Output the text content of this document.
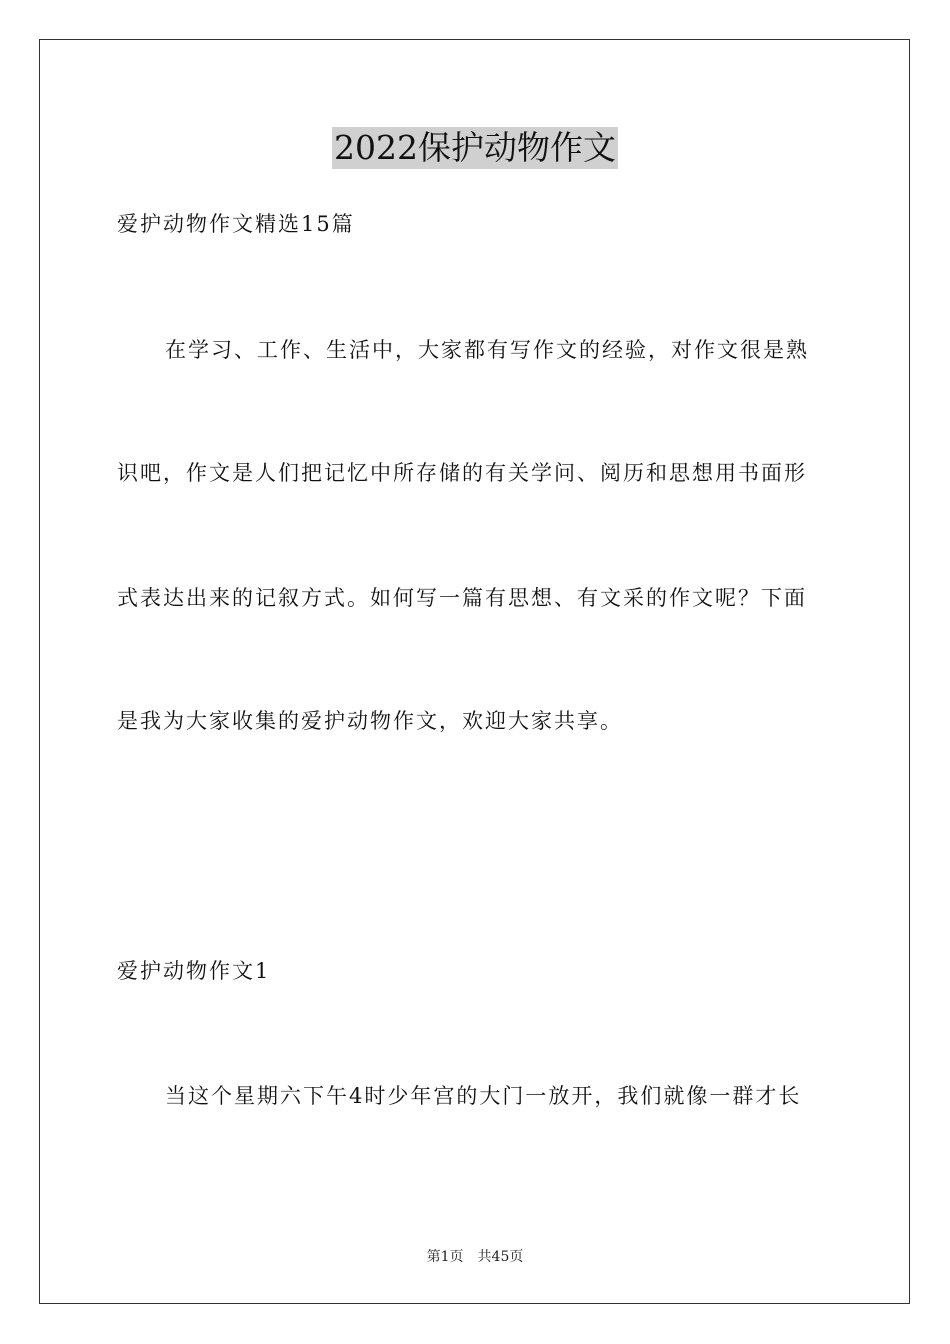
2022保护动物作文
爱护动物作文精选15篇
在学习、工作、生活中，大家都有写作文的经验，对作文很是熟
识吧，作文是人们把记忆中所存储的有关学问、阅历和思想用书面形
式表达出来的记叙方式。如何写一篇有思想、有文采的作文呢？下面
是我为大家收集的爱护动物作文，欢迎大家共享。
爱护动物作文1
当这个星期六下午4时少年宫的大门一放开，我们就像一群才长
第1页　共45页
